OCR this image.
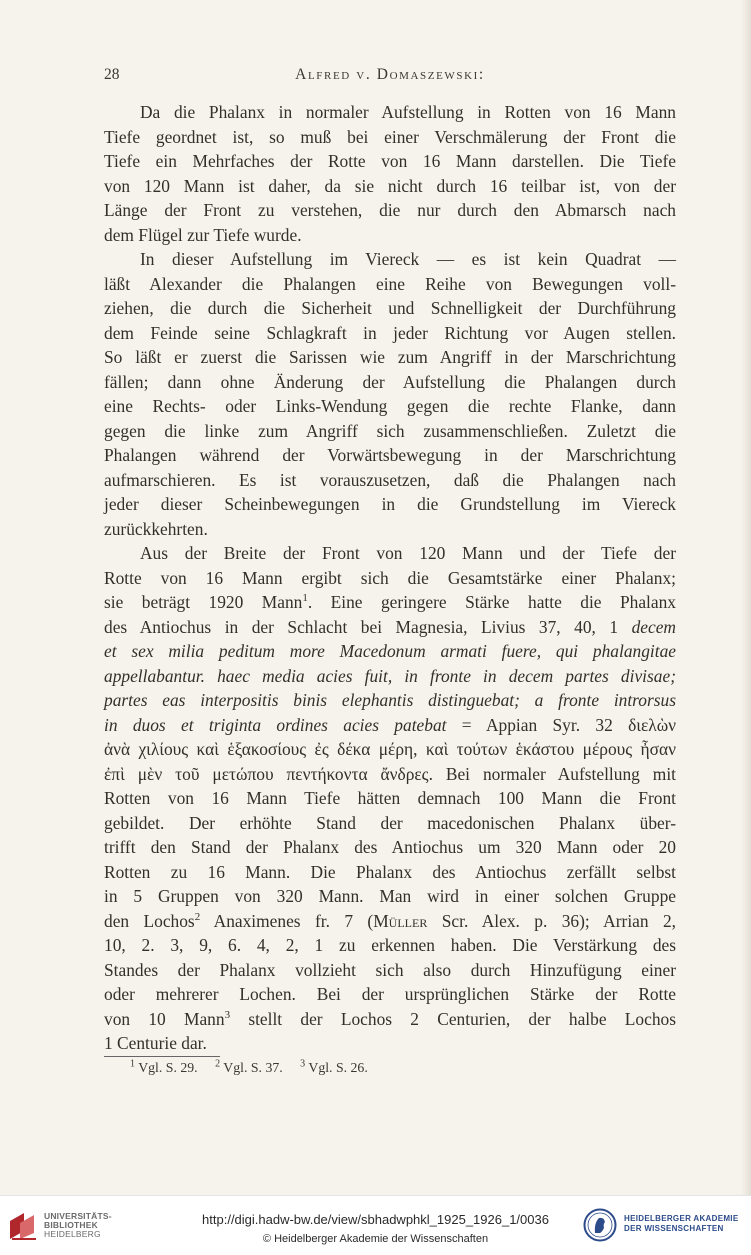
28	Alfred v. Domaszewski:
Da die Phalanx in normaler Aufstellung in Rotten von 16 Mann
Tiefe geordnet ist, so muß bei einer Verschmälerung der Front die
Tiefe ein Mehrfaches der Rotte von 16 Mann darstellen. Die Tiefe
von 120 Mann ist daher, da sie nicht durch 16 teilbar ist, von der
Länge der Front zu verstehen, die nur durch den Abmarsch nach
dem Flügel zur Tiefe wurde.
In dieser Aufstellung im Viereck — es ist kein Quadrat —
läßt Alexander die Phalangen eine Reihe von Bewegungen voll-
ziehen, die durch die Sicherheit und Schnelligkeit der Durchführung
dem Feinde seine Schlagkraft in jeder Richtung vor Augen stellen.
So läßt er zuerst die Sarissen wie zum Angriff in der Marschrichtung
fällen; dann ohne Änderung der Aufstellung die Phalangen durch
eine Rechts- oder Links-Wendung gegen die rechte Flanke, dann
gegen die linke zum Angriff sich zusammenschließen. Zuletzt die
Phalangen während der Vorwärtsbewegung in der Marschrichtung
aufmarschieren. Es ist vorauszusetzen, daß die Phalangen nach
jeder dieser Scheinbewegungen in die Grundstellung im Viereck
zurückkehrten.
Aus der Breite der Front von 120 Mann und der Tiefe der
Rotte von 16 Mann ergibt sich die Gesamtstärke einer Phalanx;
sie beträgt 1920 Mann$^1$. Eine geringere Stärke hatte die Phalanx
des Antiochus in der Schlacht bei Magnesia, Livius 37, 40, 1 decem
et sex milia peditum more Macedonum armati fuere, qui phalangitae
appellabantur. haec media acies fuit, in fronte in decem partes divisae;
partes eas interpositis binis elephantis distinguebat; a fronte introrsus
in duos et triginta ordines acies patebat = Appian Syr. 32 διελὼν
ἀνὰ χιλίους καὶ ἑξακοσίους ἐς δέκα μέρη, καὶ τούτων ἑκάστου μέρους ἦσαν
ἐπὶ μὲν τοῦ μετώπου πεντήκοντα ἄνδρες. Bei normaler Aufstellung mit
Rotten von 16 Mann Tiefe hätten demnach 100 Mann die Front
gebildet. Der erhöhte Stand der macedonischen Phalanx über-
trifft den Stand der Phalanx des Antiochus um 320 Mann oder 20
Rotten zu 16 Mann. Die Phalanx des Antiochus zerfällt selbst
in 5 Gruppen von 320 Mann. Man wird in einer solchen Gruppe
den Lochos$^2$ Anaximenes fr. 7 (Müller Scr. Alex. p. 36); Arrian 2,
10, 2. 3, 9, 6. 4, 2, 1 zu erkennen haben. Die Verstärkung des
Standes der Phalanx vollzieht sich also durch Hinzufügung einer
oder mehrerer Lochen. Bei der ursprünglichen Stärke der Rotte
von 10 Mann$^3$ stellt der Lochos 2 Centurien, der halbe Lochos
1 Centurie dar.
$^1$ Vgl. S. 29. $^2$ Vgl. S. 37. $^3$ Vgl. S. 26.
UNIVERSITÄTS-
BIBLIOTHEK
HEIDELBERG
http://digi.hadw-bw.de/view/sbhadwphkl_1925_1926_1/0036
© Heidelberger Akademie der Wissenschaften
HEIDELBERGER AKADEMIE
DER WISSENSCHAFTEN
